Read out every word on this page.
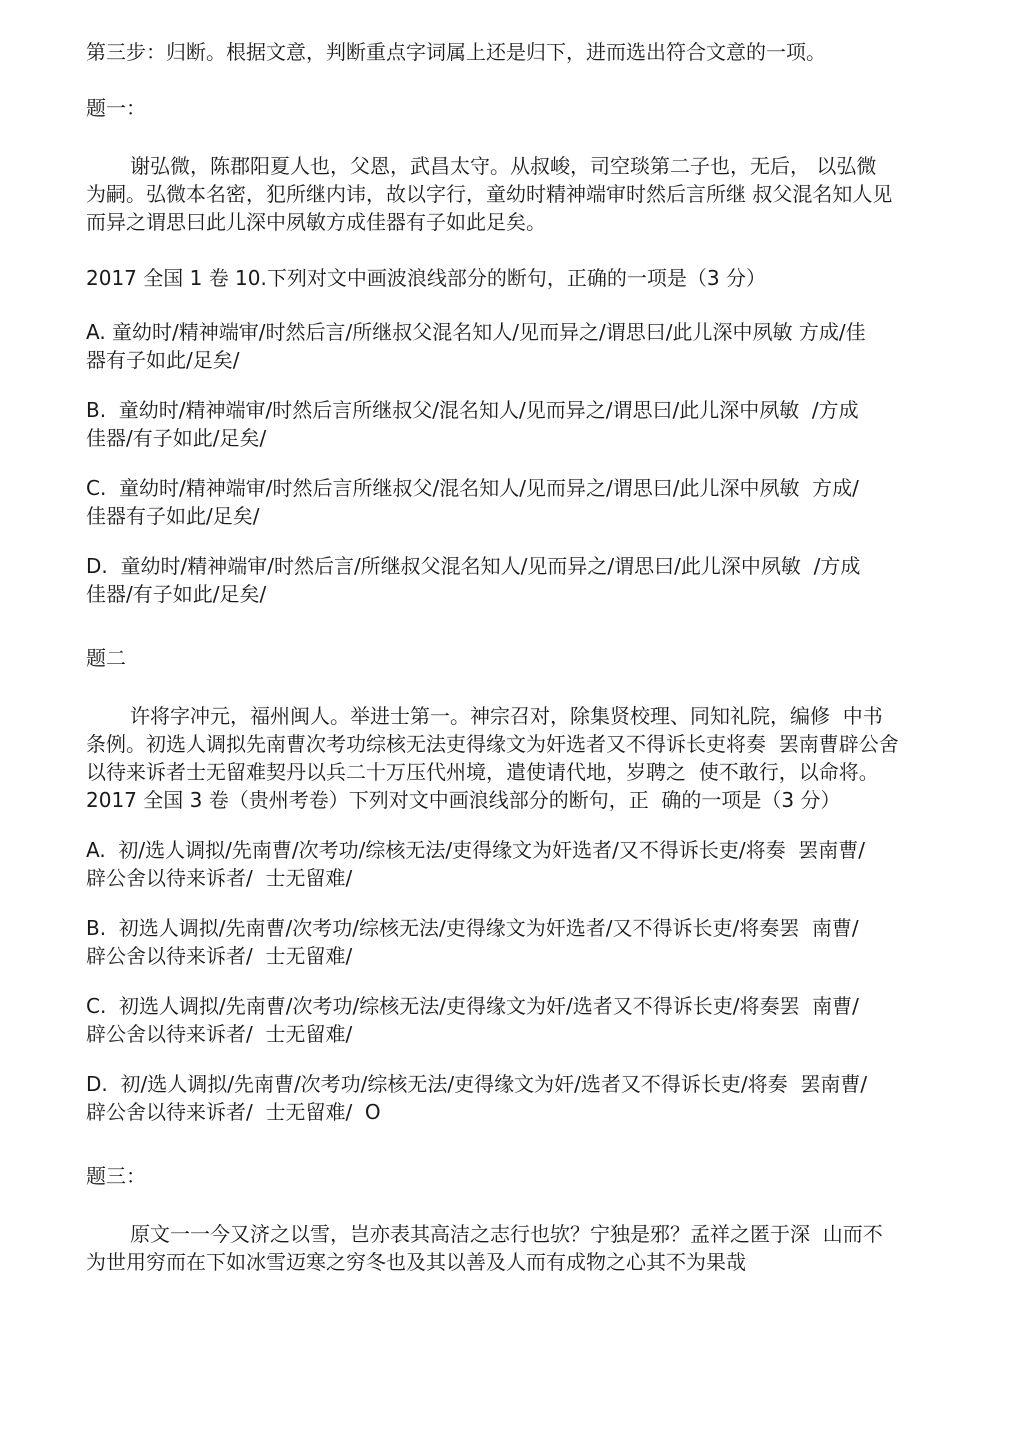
第三步：归断。根据文意，判断重点字词属上还是归下，进而选出符合文意的一项。

题一：

谢弘微，陈郡阳夏人也，父恩，武昌太守。从叔峻，司空琰第二子也，无后， 以弘微

为嗣。弘微本名密，犯所继内讳，故以字行，童幼时精神端审时然后言所继 叔父混名知人见

而异之谓思曰此儿深中夙敏方成佳器有子如此足矣。

2017 全国 1 卷 10.下列对文中画波浪线部分的断句，正确的一项是（3 分）

A. 童幼时/精神端审/时然后言/所继叔父混名知人/见而异之/谓思曰/此儿深中夙敏 方成/佳

器有子如此/足矣/

B.  童幼时/精神端审/时然后言所继叔父/混名知人/见而异之/谓思曰/此儿深中夙敏  /方成

佳器/有子如此/足矣/

C.  童幼时/精神端审/时然后言所继叔父/混名知人/见而异之/谓思曰/此儿深中夙敏  方成/

佳器有子如此/足矣/

D.  童幼时/精神端审/时然后言/所继叔父混名知人/见而异之/谓思曰/此儿深中夙敏  /方成

佳器/有子如此/足矣/

题二

许将字冲元，福州闽人。举进士第一。神宗召对，除集贤校理、同知礼院，编修  中书

条例。初选人调拟先南曹次考功综核无法吏得缘文为奸选者又不得诉长吏将奏  罢南曹辟公舍

以待来诉者士无留难契丹以兵二十万压代州境，遣使请代地，岁聘之  使不敢行，以命将。

2017 全国 3 卷（贵州考卷）下列对文中画浪线部分的断句，正  确的一项是（3 分）

A.  初/选人调拟/先南曹/次考功/综核无法/吏得缘文为奸选者/又不得诉长吏/将奏  罢南曹/

辟公舍以待来诉者/  士无留难/

B.  初选人调拟/先南曹/次考功/综核无法/吏得缘文为奸选者/又不得诉长吏/将奏罢  南曹/

辟公舍以待来诉者/  士无留难/

C.  初选人调拟/先南曹/次考功/综核无法/吏得缘文为奸/选者又不得诉长吏/将奏罢  南曹/

辟公舍以待来诉者/  士无留难/

D.  初/选人调拟/先南曹/次考功/综核无法/吏得缘文为奸/选者又不得诉长吏/将奏  罢南曹/

辟公舍以待来诉者/  士无留难/  O

题三：

原文一一今又济之以雪，岂亦表其高洁之志行也欤？宁独是邪？孟祥之匿于深  山而不

为世用穷而在下如冰雪迈寒之穷冬也及其以善及人而有成物之心其不为果哉
